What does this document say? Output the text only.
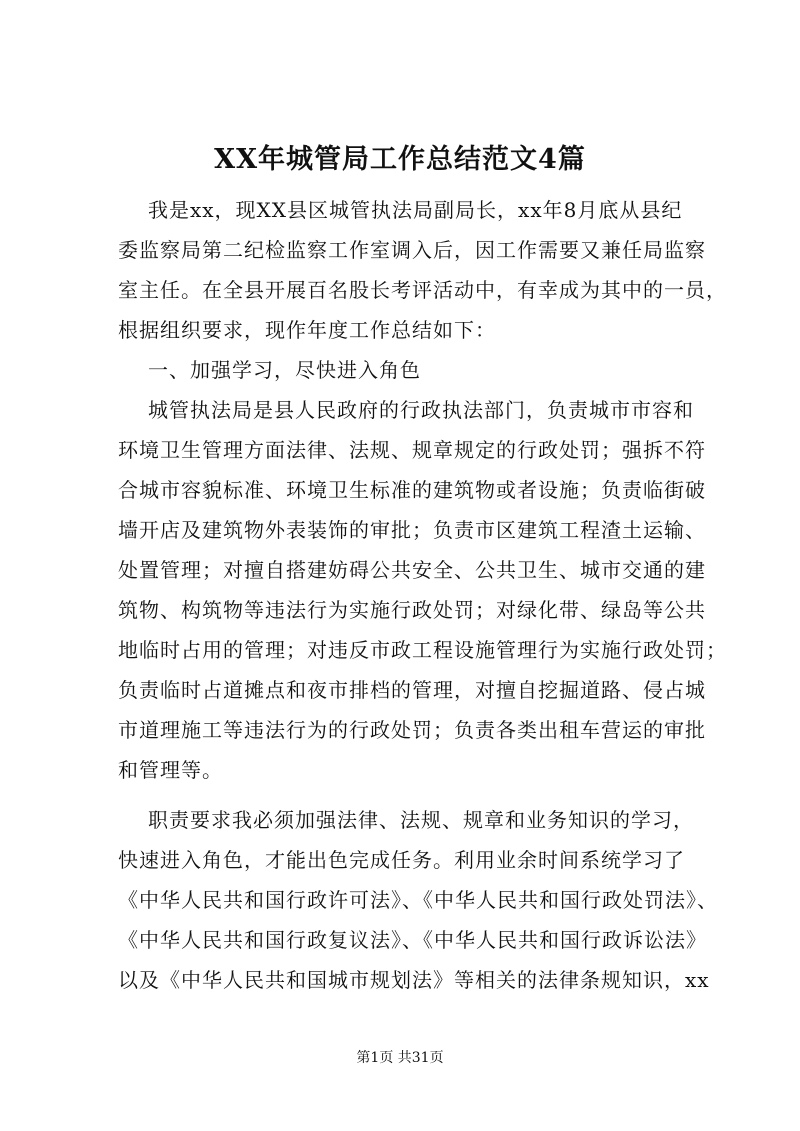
XX年城管局工作总结范文4篇
我是xx，现XX县区城管执法局副局长，xx年8月底从县纪
委监察局第二纪检监察工作室调入后，因工作需要又兼任局监察
室主任。在全县开展百名股长考评活动中，有幸成为其中的一员，
根据组织要求，现作年度工作总结如下：
一、加强学习，尽快进入角色
城管执法局是县人民政府的行政执法部门，负责城市市容和
环境卫生管理方面法律、法规、规章规定的行政处罚；强拆不符
合城市容貌标准、环境卫生标准的建筑物或者设施；负责临街破
墙开店及建筑物外表装饰的审批；负责市区建筑工程渣土运输、
处置管理；对擅自搭建妨碍公共安全、公共卫生、城市交通的建
筑物、构筑物等违法行为实施行政处罚；对绿化带、绿岛等公共
地临时占用的管理；对违反市政工程设施管理行为实施行政处罚；
负责临时占道摊点和夜市排档的管理，对擅自挖掘道路、侵占城
市道理施工等违法行为的行政处罚；负责各类出租车营运的审批
和管理等。
职责要求我必须加强法律、法规、规章和业务知识的学习，
快速进入角色，才能出色完成任务。利用业余时间系统学习了
《中华人民共和国行政许可法》、《中华人民共和国行政处罚法》、
《中华人民共和国行政复议法》、《中华人民共和国行政诉讼法》
以及《中华人民共和国城市规划法》等相关的法律条规知识，xx
第1页 共31页
